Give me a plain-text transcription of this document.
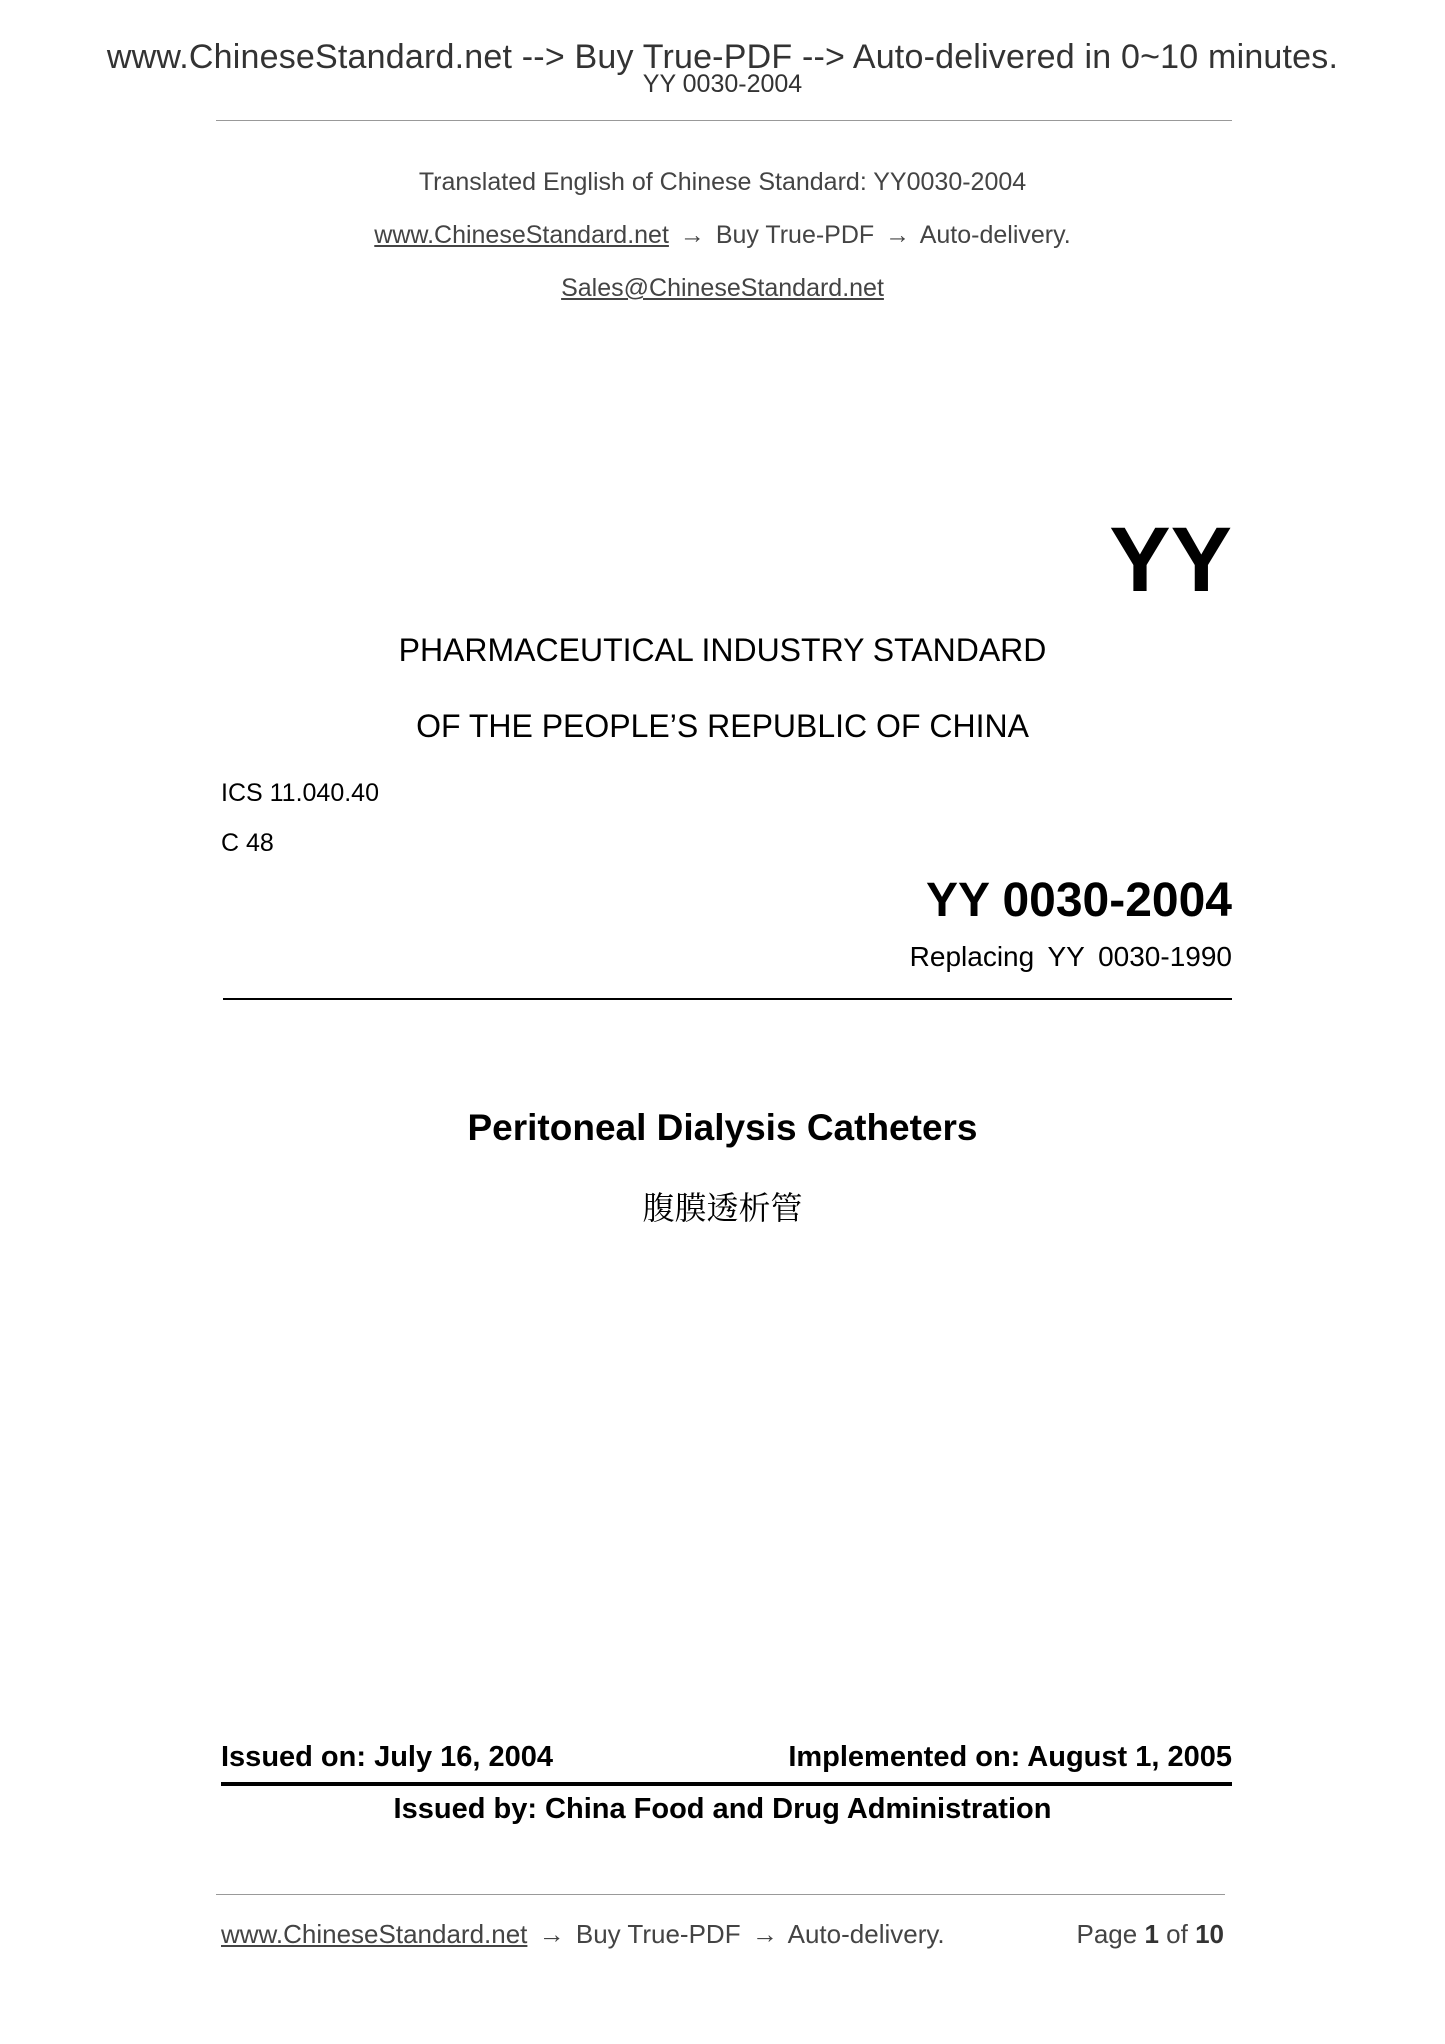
www.ChineseStandard.net --> Buy True-PDF --> Auto-delivered in 0~10 minutes.
YY 0030-2004
Translated English of Chinese Standard: YY0030-2004
www.ChineseStandard.net → Buy True-PDF → Auto-delivery.
Sales@ChineseStandard.net
YY
PHARMACEUTICAL INDUSTRY STANDARD
OF THE PEOPLE’S REPUBLIC OF CHINA
ICS 11.040.40
C 48
YY 0030-2004
Replacing YY 0030-1990
Peritoneal Dialysis Catheters
腹膜透析管
Issued on: July 16, 2004	Implemented on: August 1, 2005
Issued by: China Food and Drug Administration
www.ChineseStandard.net → Buy True-PDF → Auto-delivery.	Page 1 of 10
